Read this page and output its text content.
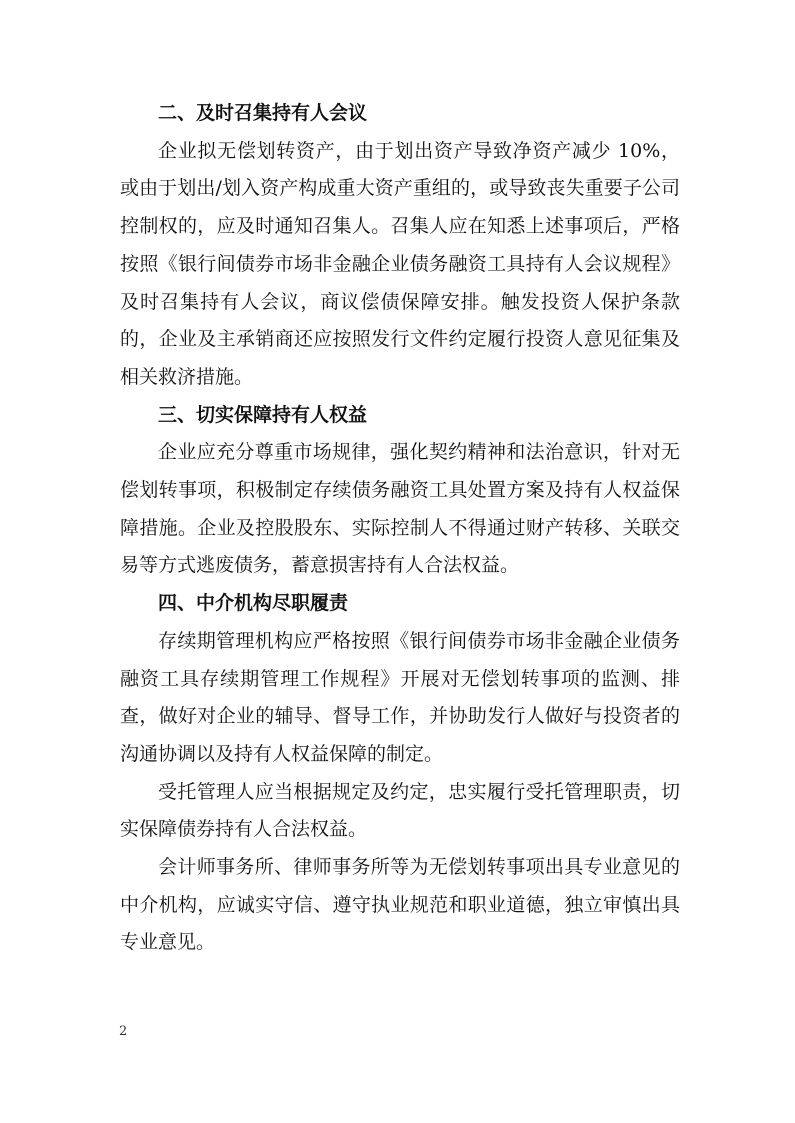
二、及时召集持有人会议

企业拟无偿划转资产，由于划出资产导致净资产减少 10%，或由于划出/划入资产构成重大资产重组的，或导致丧失重要子公司控制权的，应及时通知召集人。召集人应在知悉上述事项后，严格按照《银行间债券市场非金融企业债务融资工具持有人会议规程》及时召集持有人会议，商议偿债保障安排。触发投资人保护条款的，企业及主承销商还应按照发行文件约定履行投资人意见征集及相关救济措施。

三、切实保障持有人权益

企业应充分尊重市场规律，强化契约精神和法治意识，针对无偿划转事项，积极制定存续债务融资工具处置方案及持有人权益保障措施。企业及控股股东、实际控制人不得通过财产转移、关联交易等方式逃废债务，蓄意损害持有人合法权益。

四、中介机构尽职履责

存续期管理机构应严格按照《银行间债券市场非金融企业债务融资工具存续期管理工作规程》开展对无偿划转事项的监测、排查，做好对企业的辅导、督导工作，并协助发行人做好与投资者的沟通协调以及持有人权益保障的制定。

受托管理人应当根据规定及约定，忠实履行受托管理职责，切实保障债券持有人合法权益。

会计师事务所、律师事务所等为无偿划转事项出具专业意见的中介机构，应诚实守信、遵守执业规范和职业道德，独立审慎出具专业意见。

2
